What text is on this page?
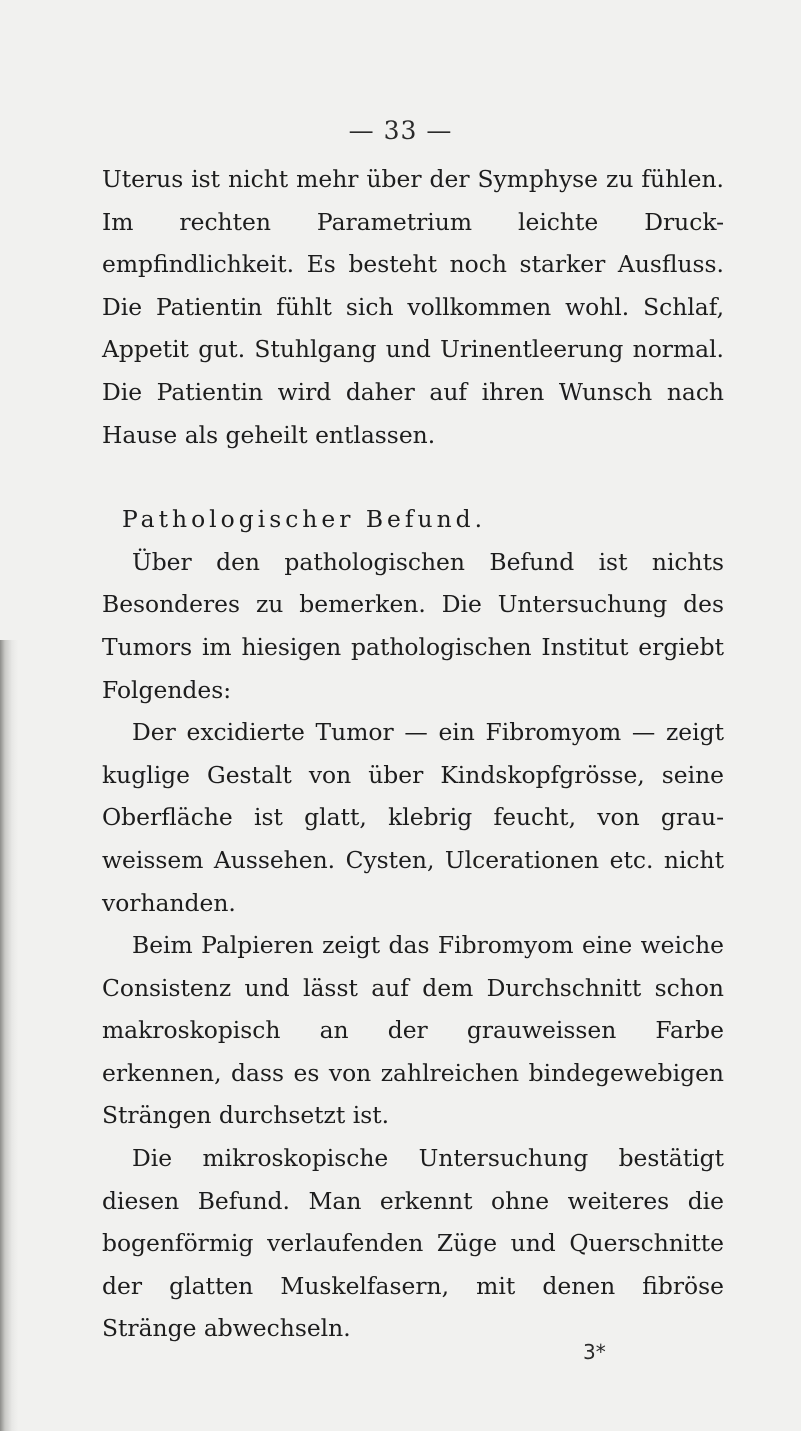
— 33 —

Uterus ist nicht mehr über der Symphyse zu fühlen. Im rechten Parametrium leichte Druck- empfindlichkeit. Es besteht noch starker Ausfluss. Die Patientin fühlt sich vollkommen wohl. Schlaf, Appetit gut. Stuhlgang und Urinentleerung normal. Die Patientin wird daher auf ihren Wunsch nach Hause als geheilt entlassen.

Pathologischer Befund.

Über den pathologischen Befund ist nichts Besonderes zu bemerken. Die Untersuchung des Tumors im hiesigen pathologischen Institut ergiebt Folgendes:

Der excidierte Tumor — ein Fibromyom — zeigt kuglige Gestalt von über Kindskopfgrösse, seine Oberfläche ist glatt, klebrig feucht, von grau- weissem Aussehen. Cysten, Ulcerationen etc. nicht vorhanden.

Beim Palpieren zeigt das Fibromyom eine weiche Consistenz und lässt auf dem Durchschnitt schon makroskopisch an der grauweissen Farbe erkennen, dass es von zahlreichen bindegewebigen Strängen durchsetzt ist.

Die mikroskopische Untersuchung bestätigt diesen Befund. Man erkennt ohne weiteres die bogenförmig verlaufenden Züge und Querschnitte der glatten Muskelfasern, mit denen fibröse Stränge abwechseln.

3*
